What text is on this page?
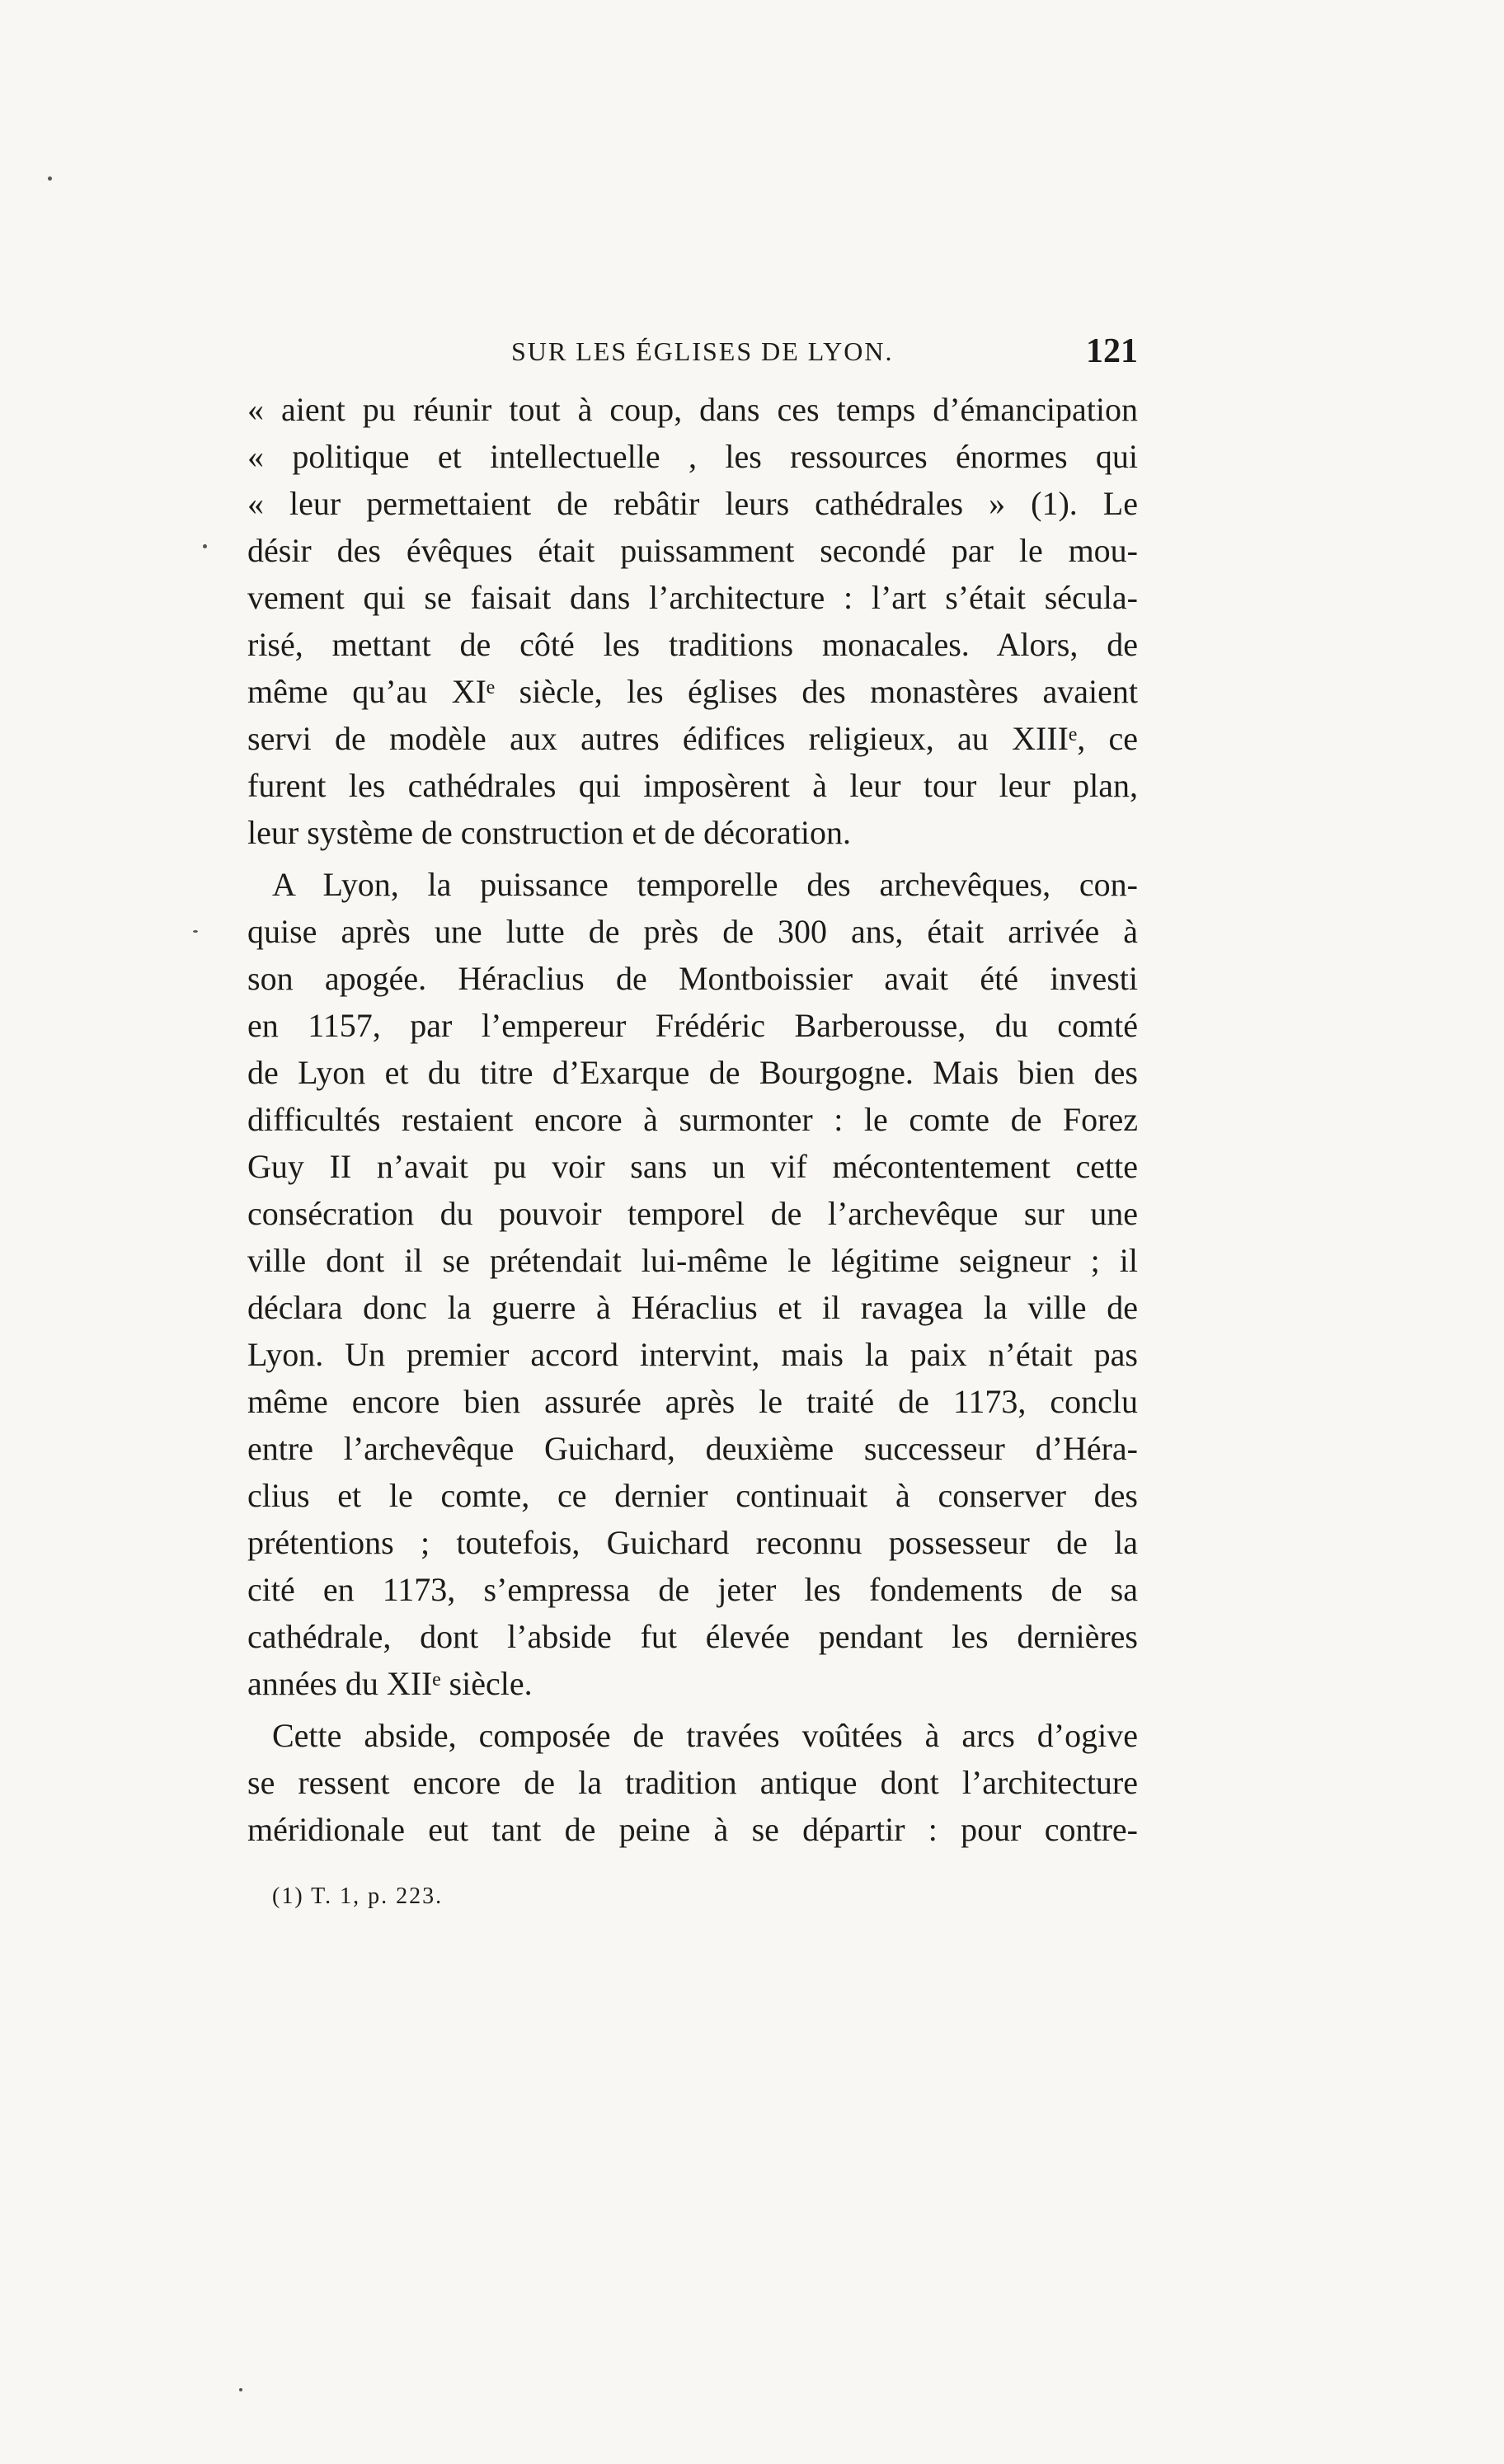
SUR LES ÉGLISES DE LYON.	121
« aient pu réunir tout à coup, dans ces temps d’émancipation
« politique et intellectuelle , les ressources énormes qui
« leur permettaient de rebâtir leurs cathédrales » (1). Le
désir des évêques était puissamment secondé par le mou-
vement qui se faisait dans l’architecture : l’art s’était sécula-
risé, mettant de côté les traditions monacales. Alors, de
même qu’au XIᵉ siècle, les églises des monastères avaient
servi de modèle aux autres édifices religieux, au XIIIᵉ, ce
furent les cathédrales qui imposèrent à leur tour leur plan,
leur système de construction et de décoration.
A Lyon, la puissance temporelle des archevêques, con-
quise après une lutte de près de 300 ans, était arrivée à
son apogée. Héraclius de Montboissier avait été investi
en 1157, par l’empereur Frédéric Barberousse, du comté
de Lyon et du titre d’Exarque de Bourgogne. Mais bien des
difficultés restaient encore à surmonter : le comte de Forez
Guy II n’avait pu voir sans un vif mécontentement cette
consécration du pouvoir temporel de l’archevêque sur une
ville dont il se prétendait lui-même le légitime seigneur ; il
déclara donc la guerre à Héraclius et il ravagea la ville de
Lyon. Un premier accord intervint, mais la paix n’était pas
même encore bien assurée après le traité de 1173, conclu
entre l’archevêque Guichard, deuxième successeur d’Héra-
clius et le comte, ce dernier continuait à conserver des
prétentions ; toutefois, Guichard reconnu possesseur de la
cité en 1173, s’empressa de jeter les fondements de sa
cathédrale, dont l’abside fut élevée pendant les dernières
années du XIIᵉ siècle.
Cette abside, composée de travées voûtées à arcs d’ogive
se ressent encore de la tradition antique dont l’architecture
méridionale eut tant de peine à se départir : pour contre-
(1) T. 1, p. 223.
